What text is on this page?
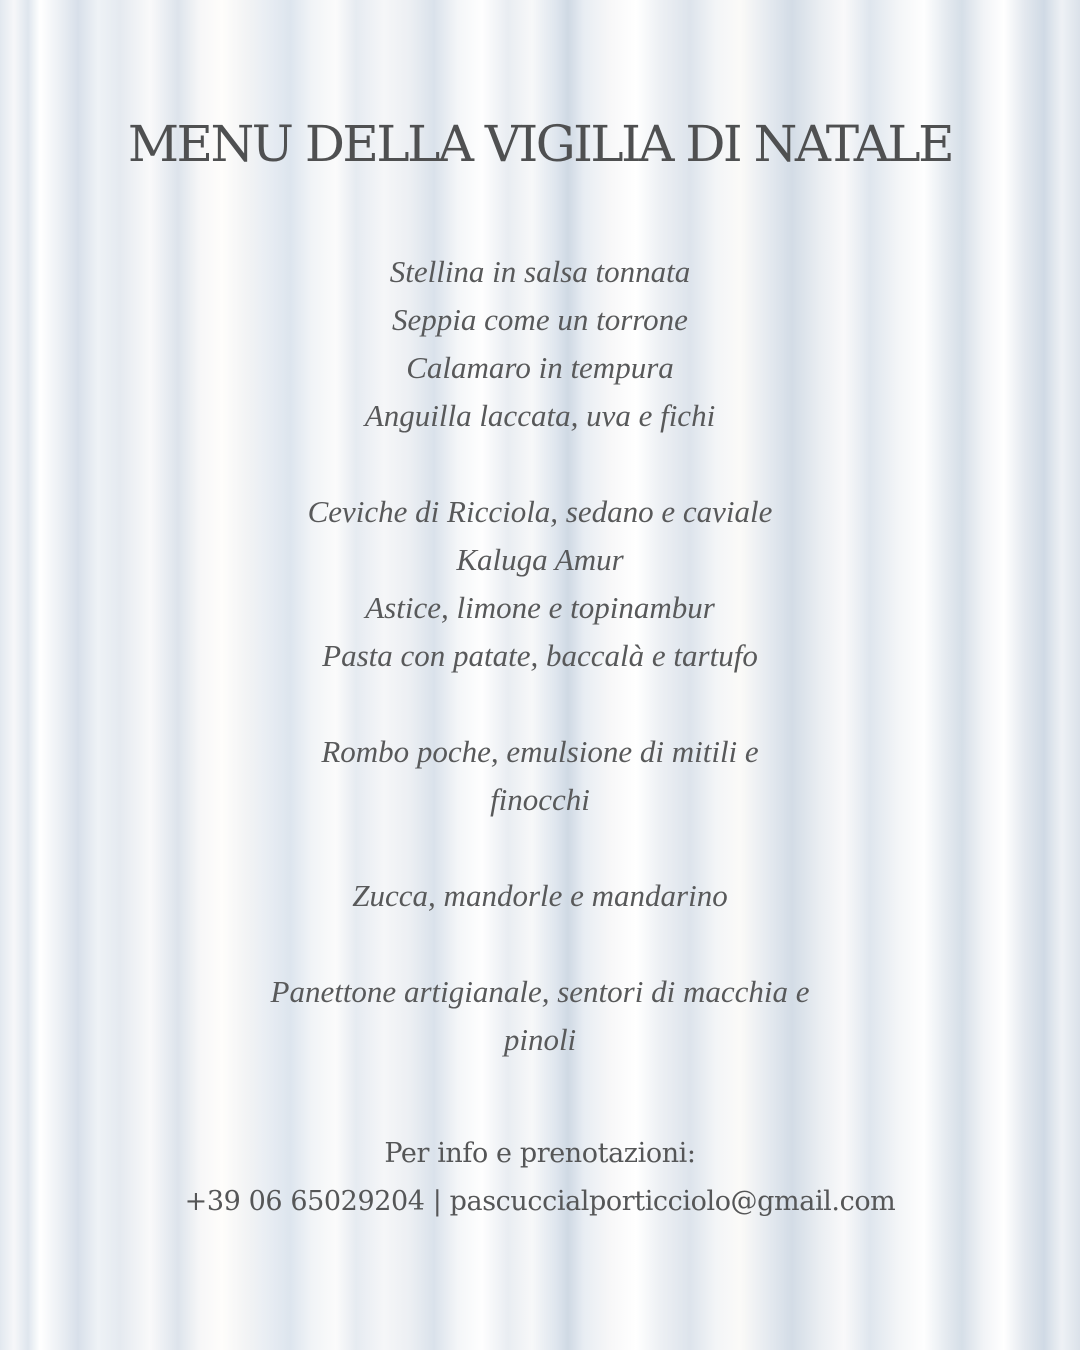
MENU DELLA VIGILIA DI NATALE
Stellina in salsa tonnata
Seppia come un torrone
Calamaro in tempura
Anguilla laccata, uva e fichi
Ceviche di Ricciola, sedano e caviale
Kaluga Amur
Astice, limone e topinambur
Pasta con patate, baccalà e tartufo
Rombo poche, emulsione di mitili e finocchi
Zucca, mandorle e mandarino
Panettone artigianale, sentori di macchia e pinoli
Per info e prenotazioni:
+39 06 65029204 | pascuccialporticciolo@gmail.com
